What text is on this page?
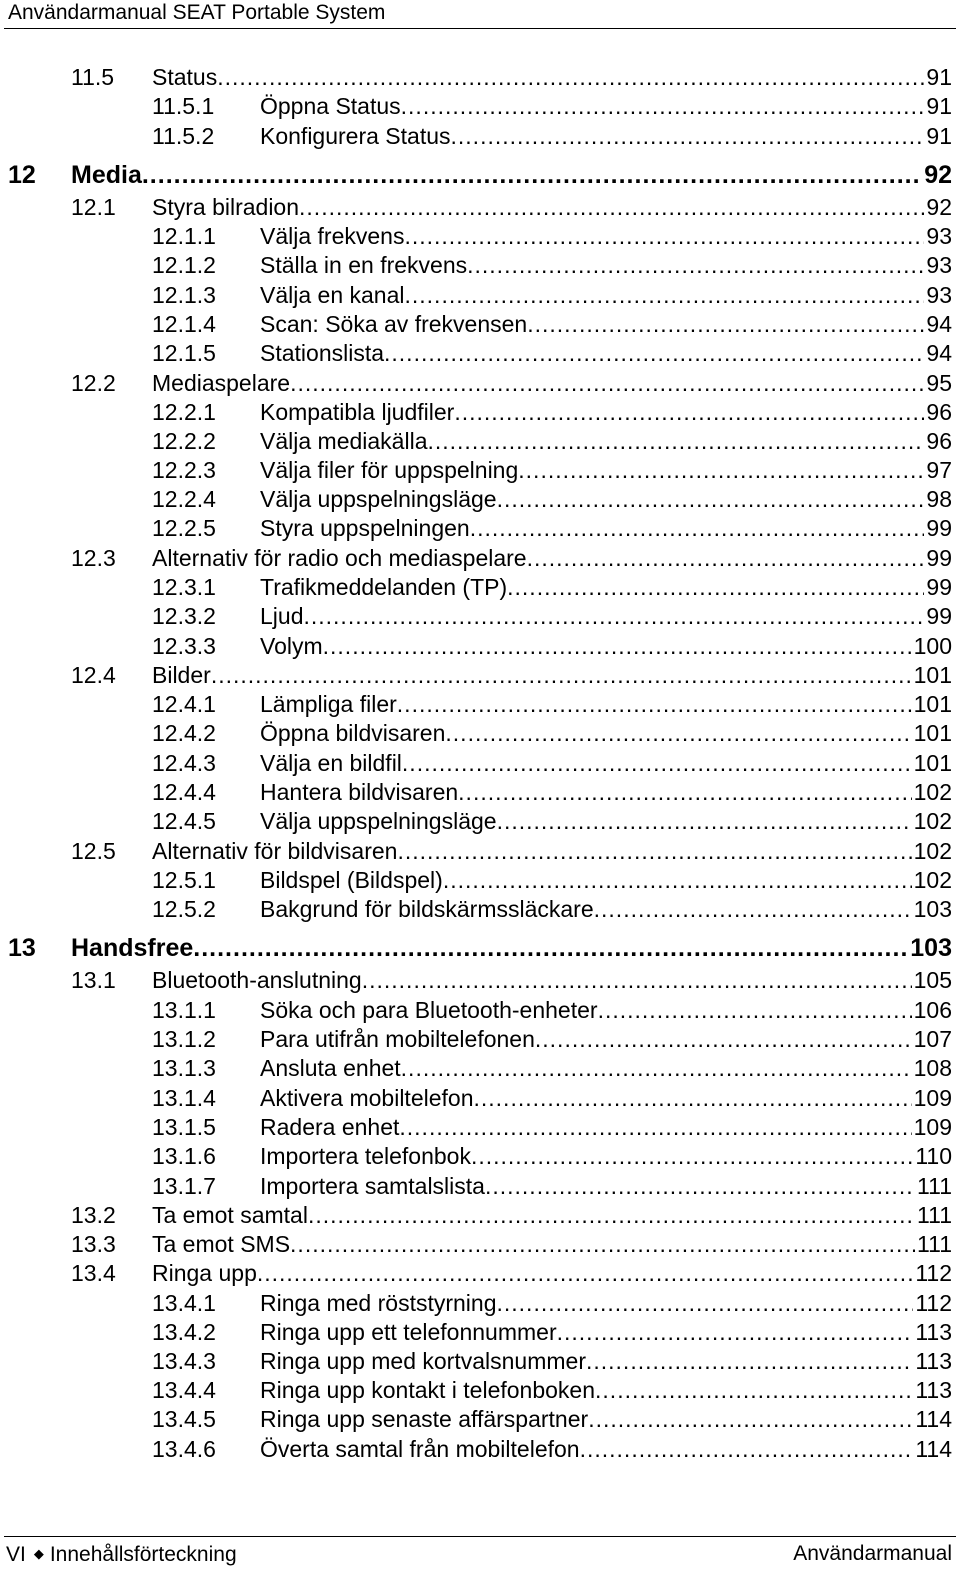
Användarmanual SEAT Portable System
11.5 Status .....	91
11.5.1 Öppna Status .....	91
11.5.2 Konfigurera Status .....	91
12 Media .....	92
12.1 Styra bilradion .....	92
12.1.1 Välja frekvens .....	93
12.1.2 Ställa in en frekvens .....	93
12.1.3 Välja en kanal .....	93
12.1.4 Scan: Söka av frekvensen .....	94
12.1.5 Stationslista .....	94
12.2 Mediaspelare .....	95
12.2.1 Kompatibla ljudfiler .....	96
12.2.2 Välja mediakälla .....	96
12.2.3 Välja filer för uppspelning .....	97
12.2.4 Välja uppspelningsläge .....	98
12.2.5 Styra uppspelningen .....	99
12.3 Alternativ för radio och mediaspelare .....	99
12.3.1 Trafikmeddelanden (TP) .....	99
12.3.2 Ljud .....	99
12.3.3 Volym .....	100
12.4 Bilder .....	101
12.4.1 Lämpliga filer .....	101
12.4.2 Öppna bildvisaren .....	101
12.4.3 Välja en bildfil .....	101
12.4.4 Hantera bildvisaren .....	102
12.4.5 Välja uppspelningsläge .....	102
12.5 Alternativ för bildvisaren .....	102
12.5.1 Bildspel (Bildspel) .....	102
12.5.2 Bakgrund för bildskärmssläckare .....	103
13 Handsfree .....	103
13.1 Bluetooth-anslutning .....	105
13.1.1 Söka och para Bluetooth-enheter .....	106
13.1.2 Para utifrån mobiltelefonen .....	107
13.1.3 Ansluta enhet .....	108
13.1.4 Aktivera mobiltelefon .....	109
13.1.5 Radera enhet .....	109
13.1.6 Importera telefonbok .....	110
13.1.7 Importera samtalslista .....	111
13.2 Ta emot samtal .....	111
13.3 Ta emot SMS .....	111
13.4 Ringa upp .....	112
13.4.1 Ringa med röststyrning .....	112
13.4.2 Ringa upp ett telefonnummer .....	113
13.4.3 Ringa upp med kortvalsnummer .....	113
13.4.4 Ringa upp kontakt i telefonboken .....	113
13.4.5 Ringa upp senaste affärspartner .....	114
13.4.6 Överta samtal från mobiltelefon .....	114
VI ◆ Innehållsförteckning	Användarmanual
